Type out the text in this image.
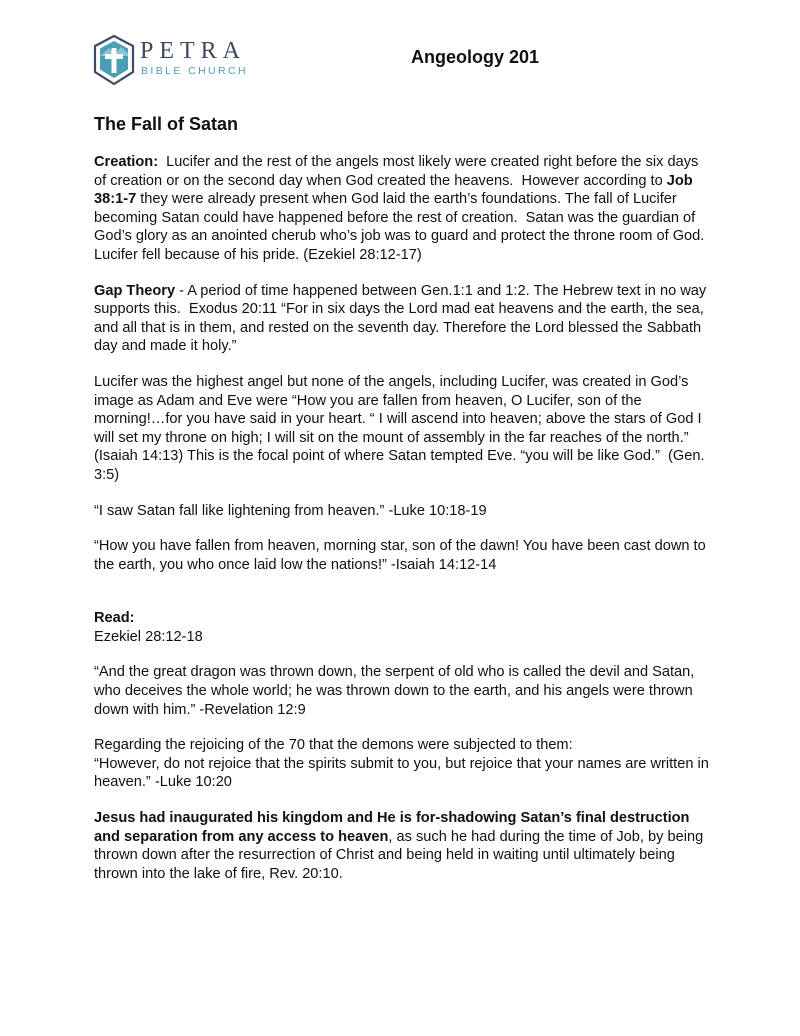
PETRA
BIBLE CHURCH
Angeology 201
The Fall of Satan

Creation:  Lucifer and the rest of the angels most likely were created right before the six days of creation or on the second day when God created the heavens.  However according to Job 38:1-7 they were already present when God laid the earth’s foundations. The fall of Lucifer becoming Satan could have happened before the rest of creation.  Satan was the guardian of God’s glory as an anointed cherub who’s job was to guard and protect the throne room of God.  Lucifer fell because of his pride. (Ezekiel 28:12-17)

Gap Theory - A period of time happened between Gen.1:1 and 1:2. The Hebrew text in no way supports this.  Exodus 20:11 “For in six days the Lord mad eat heavens and the earth, the sea, and all that is in them, and rested on the seventh day. Therefore the Lord blessed the Sabbath day and made it holy.”

Lucifer was the highest angel but none of the angels, including Lucifer, was created in God’s image as Adam and Eve were “How you are fallen from heaven, O Lucifer, son of the morning!…for you have said in your heart. “ I will ascend into heaven; above the stars of God I will set my throne on high; I will sit on the mount of assembly in the far reaches of the north.” (Isaiah 14:13) This is the focal point of where Satan tempted Eve. “you will be like God.”  (Gen. 3:5)

“I saw Satan fall like lightening from heaven.” -Luke 10:18-19

“How you have fallen from heaven, morning star, son of the dawn! You have been cast down to the earth, you who once laid low the nations!” -Isaiah 14:12-14

Read:
Ezekiel 28:12-18

“And the great dragon was thrown down, the serpent of old who is called the devil and Satan, who deceives the whole world; he was thrown down to the earth, and his angels were thrown down with him.” -Revelation 12:9

Regarding the rejoicing of the 70 that the demons were subjected to them:
“However, do not rejoice that the spirits submit to you, but rejoice that your names are written in heaven.” -Luke 10:20

Jesus had inaugurated his kingdom and He is for-shadowing Satan’s final destruction and separation from any access to heaven, as such he had during the time of Job, by being thrown down after the resurrection of Christ and being held in waiting until ultimately being thrown into the lake of fire, Rev. 20:10.
